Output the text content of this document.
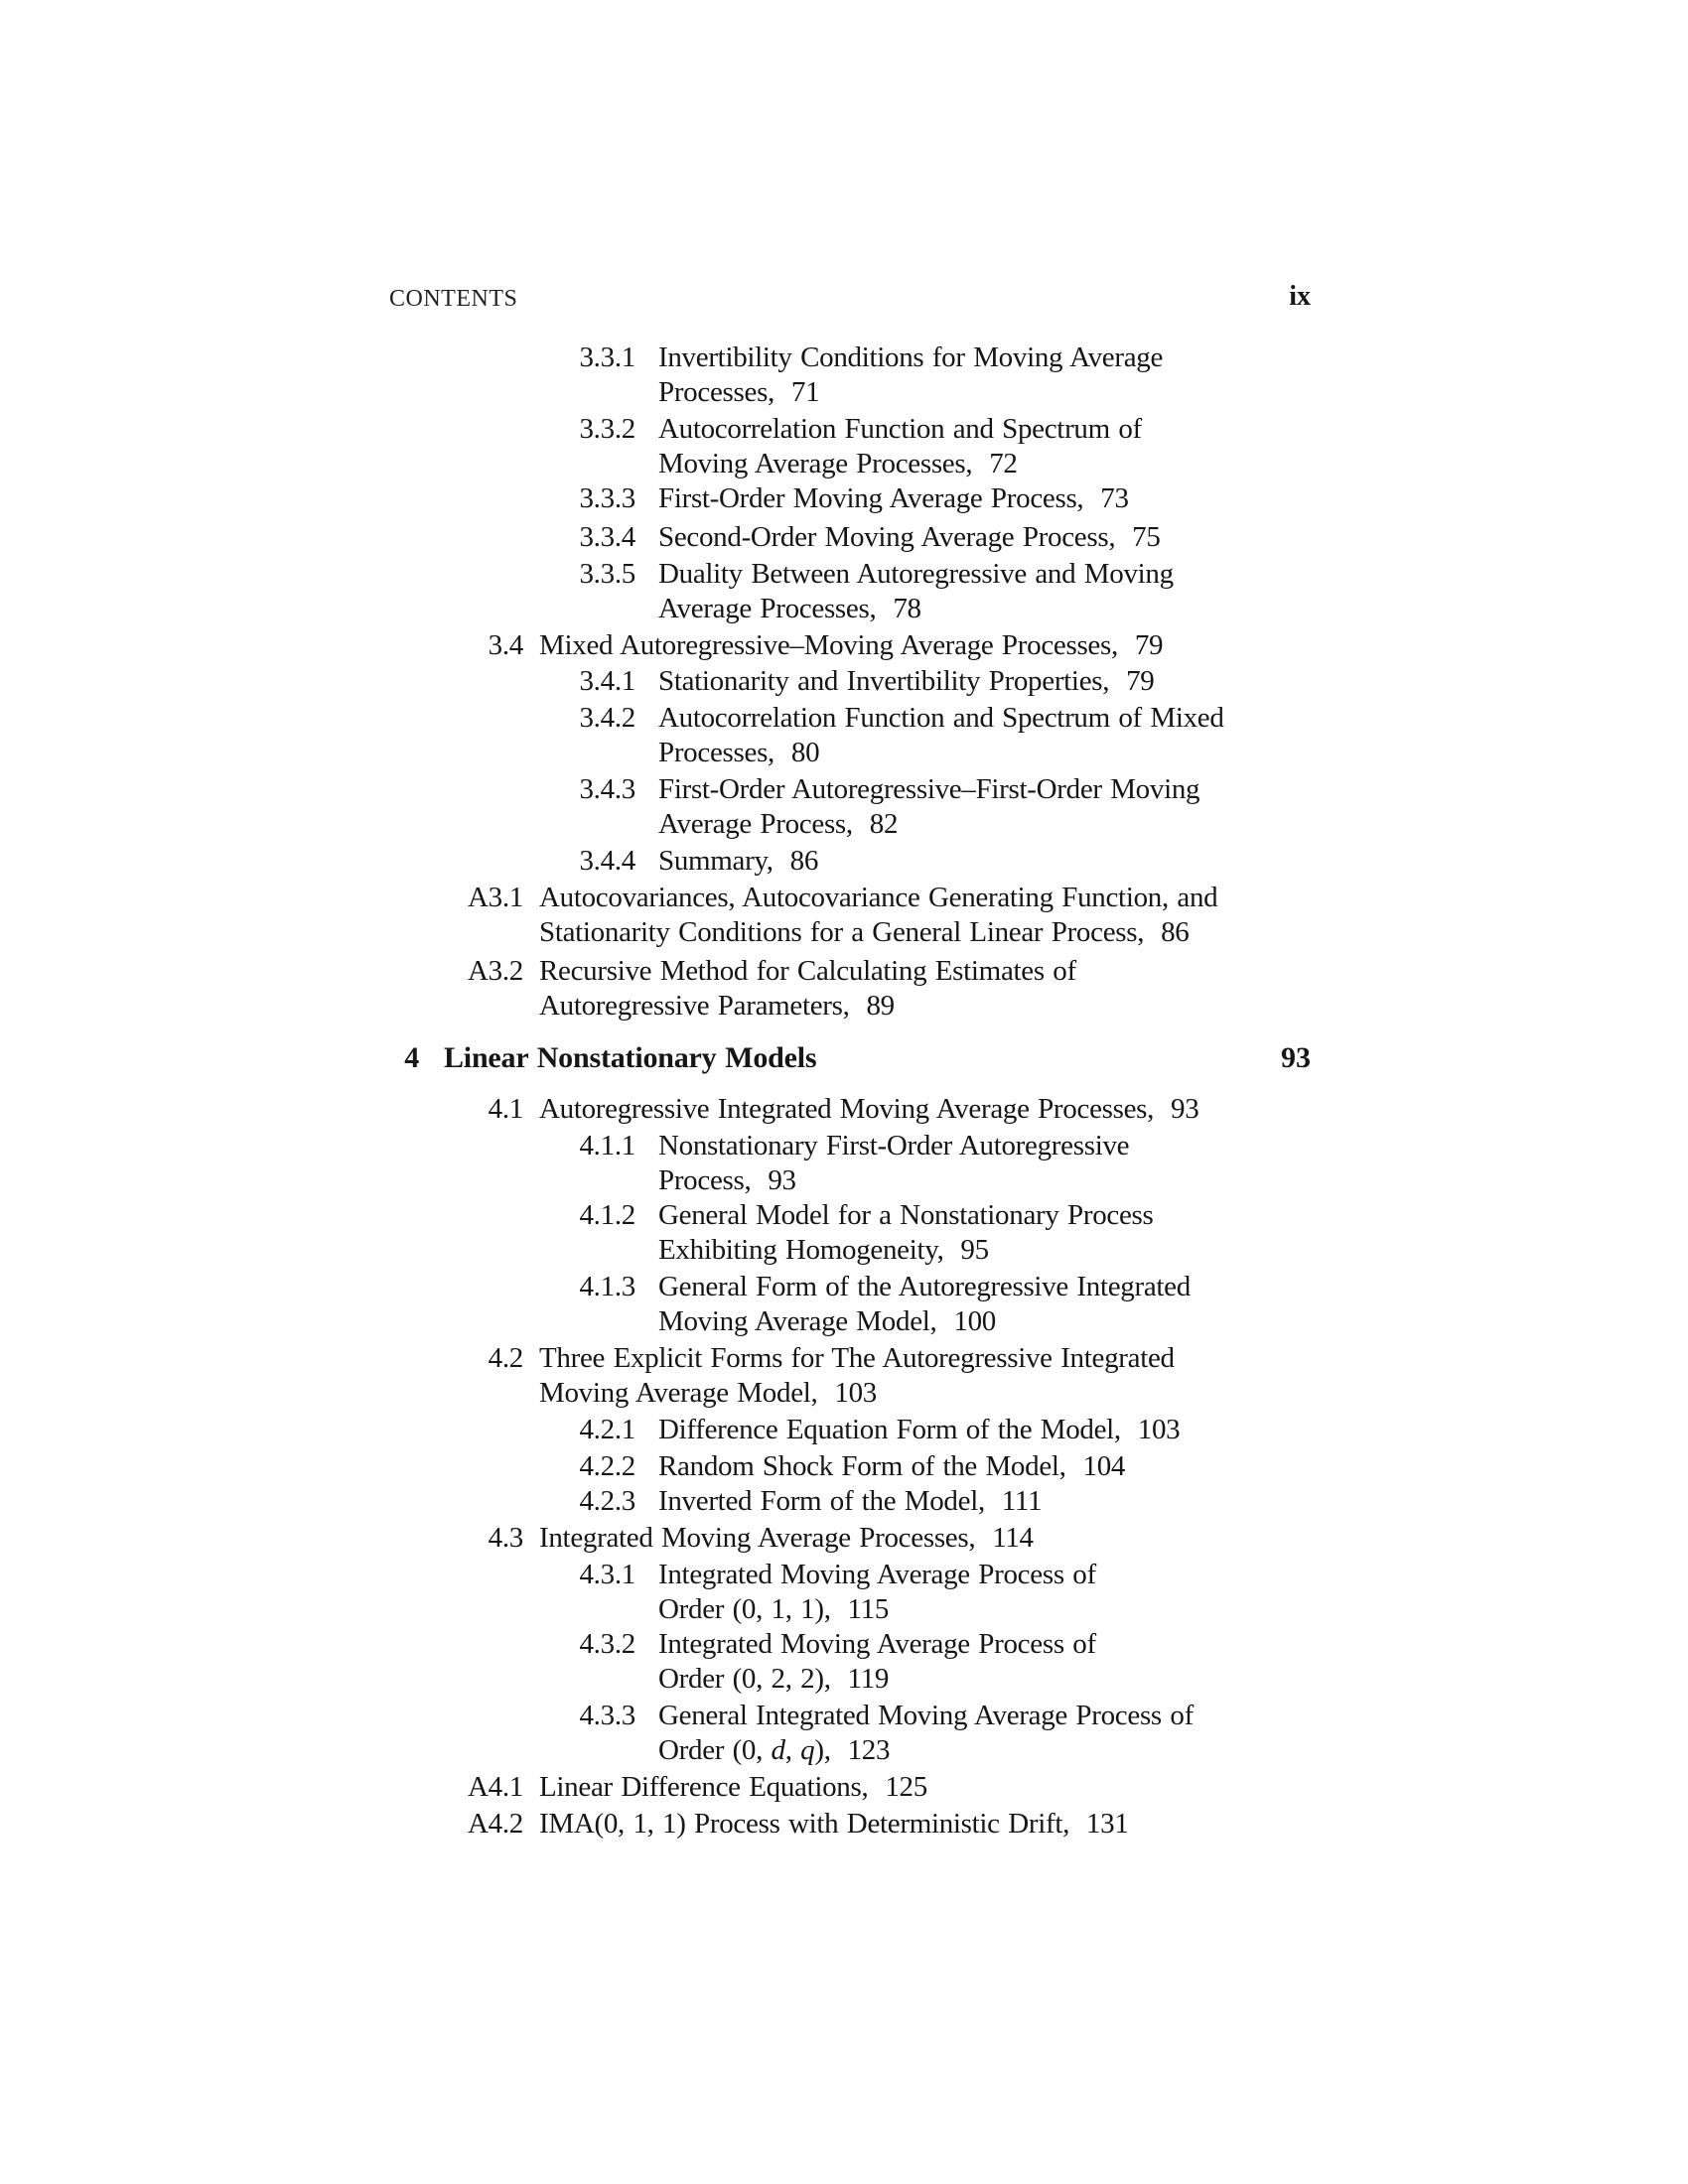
CONTENTS	ix
3.3.1 Invertibility Conditions for Moving Average
Processes,  71
3.3.2 Autocorrelation Function and Spectrum of
Moving Average Processes,  72
3.3.3 First-Order Moving Average Process,  73
3.3.4 Second-Order Moving Average Process,  75
3.3.5 Duality Between Autoregressive and Moving
Average Processes,  78
3.4 Mixed Autoregressive–Moving Average Processes,  79
3.4.1 Stationarity and Invertibility Properties,  79
3.4.2 Autocorrelation Function and Spectrum of Mixed
Processes,  80
3.4.3 First-Order Autoregressive–First-Order Moving
Average Process,  82
3.4.4 Summary,  86
A3.1 Autocovariances, Autocovariance Generating Function, and
Stationarity Conditions for a General Linear Process,  86
A3.2 Recursive Method for Calculating Estimates of
Autoregressive Parameters,  89
4 Linear Nonstationary Models	93
4.1 Autoregressive Integrated Moving Average Processes,  93
4.1.1 Nonstationary First-Order Autoregressive
Process,  93
4.1.2 General Model for a Nonstationary Process
Exhibiting Homogeneity,  95
4.1.3 General Form of the Autoregressive Integrated
Moving Average Model,  100
4.2 Three Explicit Forms for The Autoregressive Integrated
Moving Average Model,  103
4.2.1 Difference Equation Form of the Model,  103
4.2.2 Random Shock Form of the Model,  104
4.2.3 Inverted Form of the Model,  111
4.3 Integrated Moving Average Processes,  114
4.3.1 Integrated Moving Average Process of
Order (0, 1, 1),  115
4.3.2 Integrated Moving Average Process of
Order (0, 2, 2),  119
4.3.3 General Integrated Moving Average Process of
Order (0, d, q),  123
A4.1 Linear Difference Equations,  125
A4.2 IMA(0, 1, 1) Process with Deterministic Drift,  131
